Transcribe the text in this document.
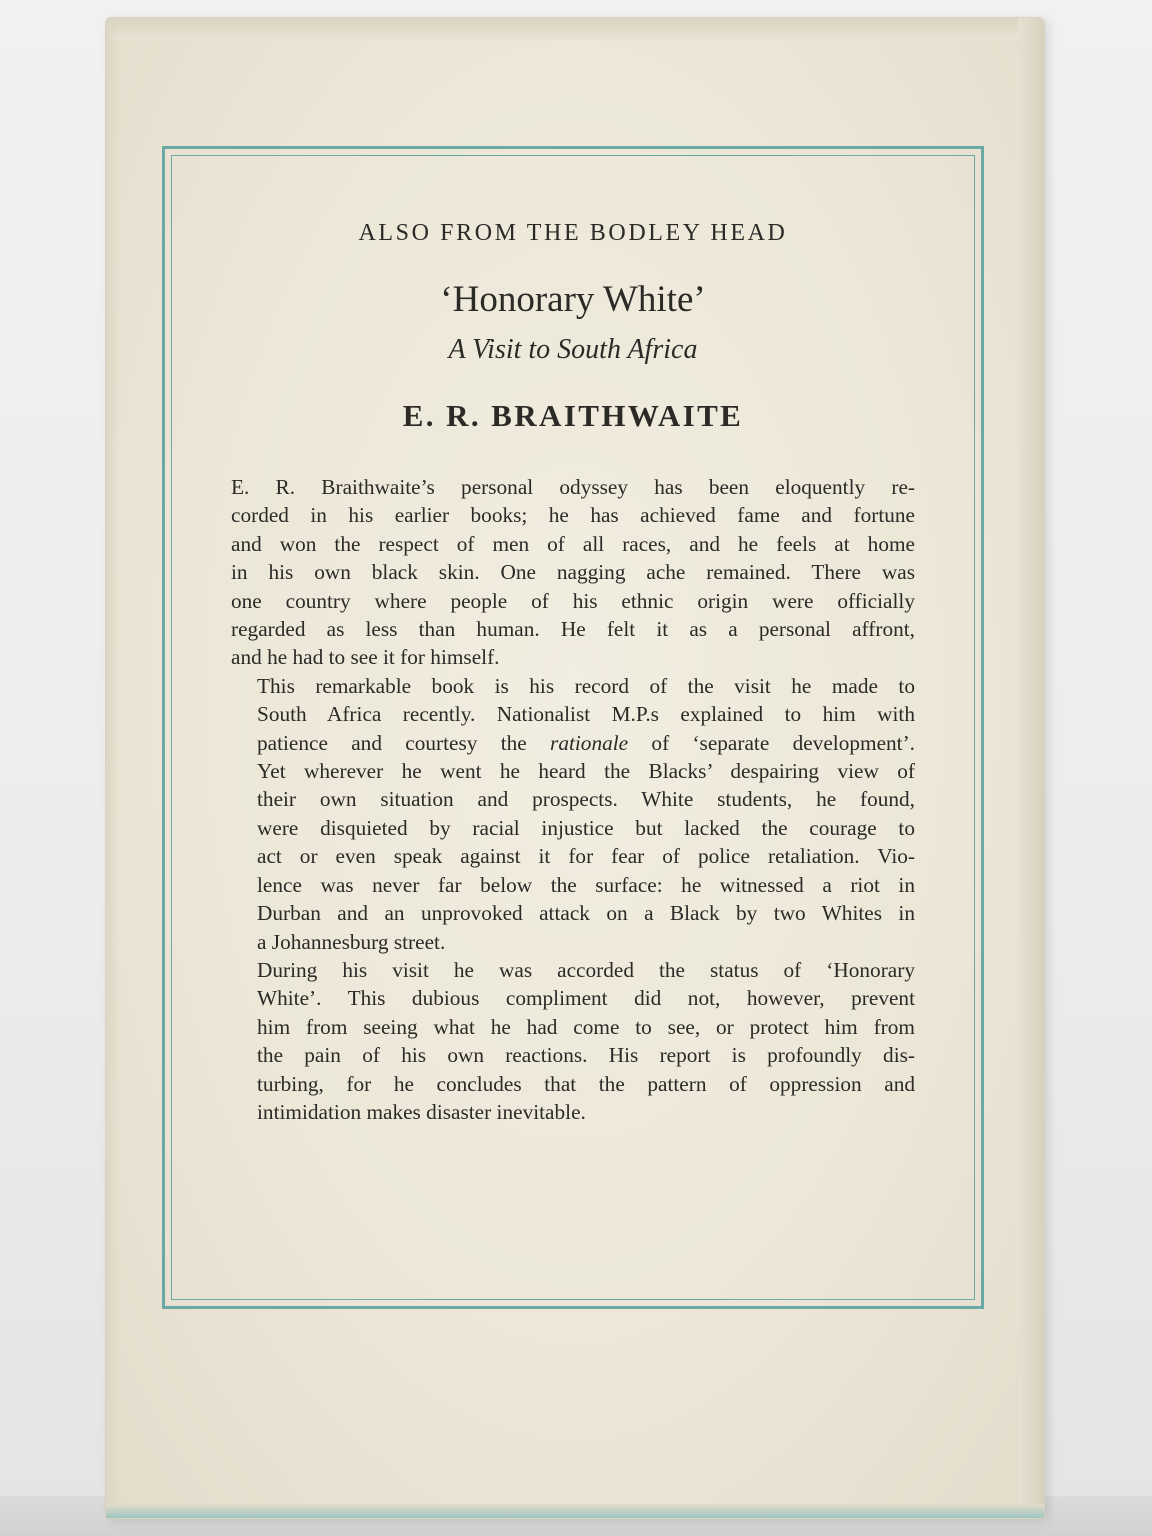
ALSO FROM THE BODLEY HEAD

‘Honorary White’

A Visit to South Africa

E. R. BRAITHWAITE

E. R. Braithwaite’s personal odyssey has been eloquently re-
corded in his earlier books; he has achieved fame and fortune
and won the respect of men of all races, and he feels at home
in his own black skin. One nagging ache remained. There was
one country where people of his ethnic origin were officially
regarded as less than human. He felt it as a personal affront,
and he had to see it for himself.

This remarkable book is his record of the visit he made to
South Africa recently. Nationalist M.P.s explained to him with
patience and courtesy the rationale of ‘separate development’.
Yet wherever he went he heard the Blacks’ despairing view of
their own situation and prospects. White students, he found,
were disquieted by racial injustice but lacked the courage to
act or even speak against it for fear of police retaliation. Vio-
lence was never far below the surface: he witnessed a riot in
Durban and an unprovoked attack on a Black by two Whites in
a Johannesburg street.

During his visit he was accorded the status of ‘Honorary
White’. This dubious compliment did not, however, prevent
him from seeing what he had come to see, or protect him from
the pain of his own reactions. His report is profoundly dis-
turbing, for he concludes that the pattern of oppression and
intimidation makes disaster inevitable.
